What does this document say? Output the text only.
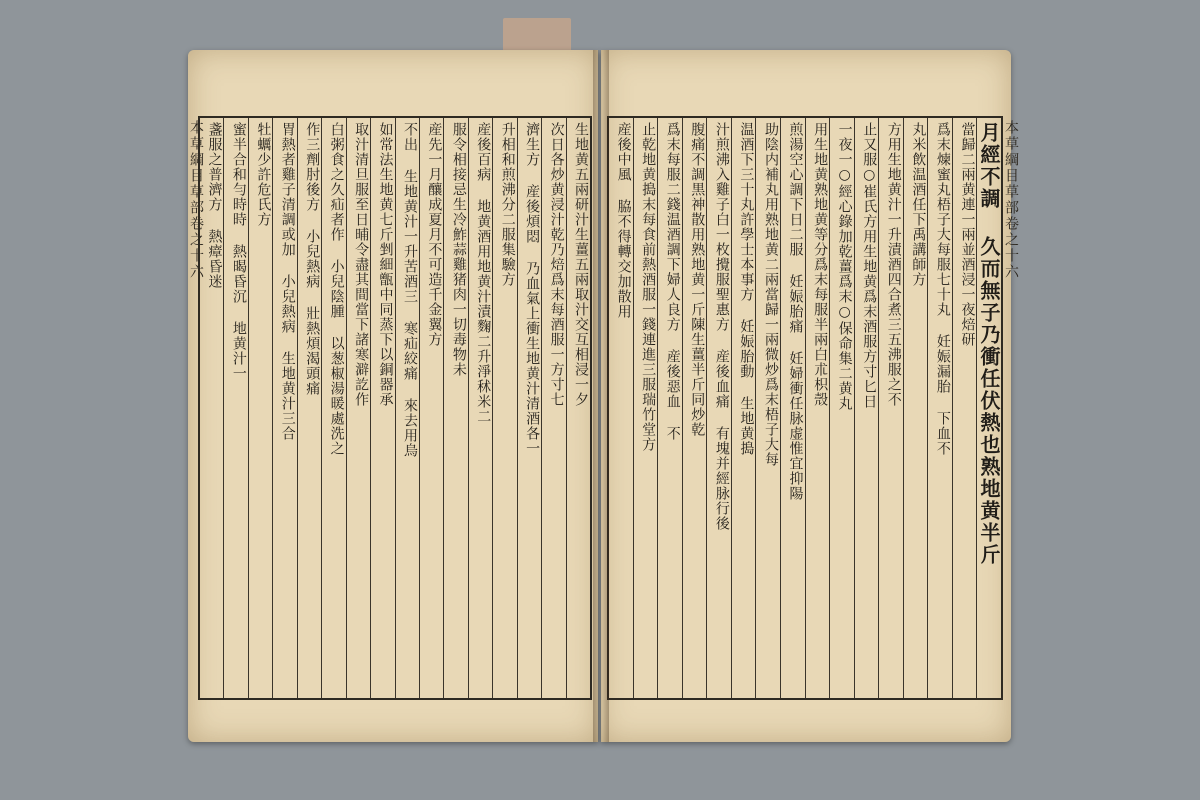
本草綱目草部卷之十六	生地黄五兩研汁生薑五兩取汁交互相浸一夕
次日各炒黄浸汁乾乃焙爲末每酒服一方寸七
濟生方 産後煩悶 乃血氣上衝生地黄汁清酒各一
升相和煎沸分二服集驗方
産後百病 地黄酒用地黄汁漬麴二升淨秫米二
服令相接忌生冷鮓蒜雞猪肉一切毒物未
産先一月釀成夏月不可造千金翼方
不出 生地黄汁一升苦酒三 寒疝絞痛 來去用烏
如常法生地黄七斤剉細甑中同蒸下以銅器承
取汁清旦服至日晡令盡其間當下諸寒澼訖作
白粥食之久疝者作 小兒陰腫 以葱椒湯暖處洗之
作三劑肘後方 小兒熱病 壯熱煩渴頭痛
胃熱者雞子清調或加 小兒熱病 生地黄汁三合
牡蠣少許危氏方
蜜半合和勻時時 熱暍昏沉 地黄汁一
盞服之普濟方 熱瘴昏迷	本草綱目草部卷之十六
月經不調 久而無子乃衝任伏熱也熟地黄半斤
當歸二兩黄連一兩並酒浸一夜焙研
爲末煉蜜丸梧子大每服七十丸 妊娠漏胎 下血不
丸米飲温酒任下禹講師方
方用生地黄汁一升漬酒四合煮三五沸服之不
止又服○崔氏方用生地黄爲末酒服方寸匕日
一夜一○經心錄加乾薑爲末○保命集二黄丸
用生地黄熟地黄等分爲末每服半兩白朮枳殼
煎湯空心調下日二服 妊娠胎痛 妊婦衝任脉虚惟宜抑陽
助陰内補丸用熟地黄二兩當歸一兩微炒爲末梧子大每
温酒下三十丸許學士本事方 妊娠胎動 生地黄搗
汁煎沸入雞子白一枚攪服聖惠方 産後血痛 有塊并經脉行後
腹痛不調黒神散用熟地黄一斤陳生薑半斤同炒乾
爲末每服二錢温酒調下婦人良方 産後惡血 不
止乾地黄搗末每食前熱酒服一錢連進三服瑞竹堂方
産後中風 脇不得轉交加散用
